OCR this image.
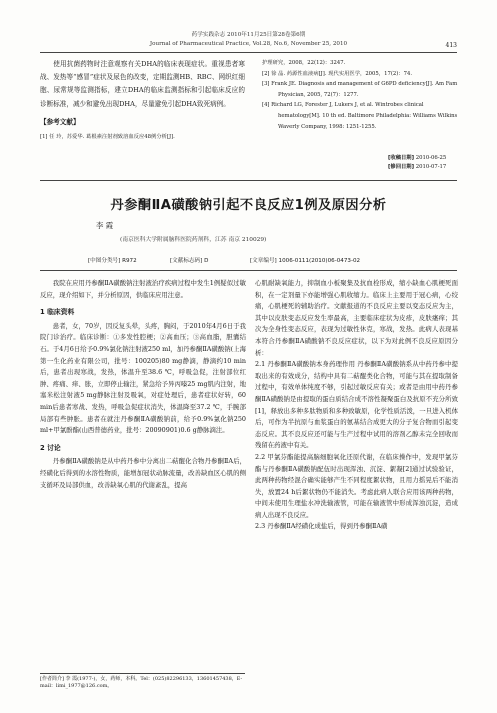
药学实践杂志 2010年11月25日第28卷第6期
Journal of Pharmaceutical Practice, Vol.28, No.6, November 25, 2010	413

使用抗菌药物时注意观察有关DHA的临床表现症状。重视患者寒战、发热等“感冒”症状及尿色的改变，定期监测HB、RBC、网织红细胞、尿常规等监测指标，建立DHA的临床监测指标和引起临床反应的诊断标准，减少和避免出现DHA，尽量避免引起DHA致死病例。

【参考文献】
[1] 任 玲，苏爱华. 葛根素注射剂致溶血反应48例分析[J].
护理研究，2008，22(12)：3247.
[2] 徐 晶. 药源性血液病[J]. 现代实用医学，2005，17(2)：74.
[3] Frank JE. Diagnosis and management of G6PD deficiency[J]. Am Fam Physician, 2005, 72(7)：1277.
[4] Richard LG, Forester J, Lukers J, et al. Wintrobes clinical hematology[M]. 10 th ed. Baltimore Philadelphia: Williams Wilkins Waverly Company, 1998: 1251-1255.
[收稿日期] 2010-06-25
[修回日期] 2010-07-17
丹参酮ⅡA磺酸钠引起不良反应1例及原因分析
李 霞
(南京医科大学附属脑科医院药剂科，江苏 南京 210029)
[中图分类号] R972	[文献标志码] D	[文章编号] 1006-0111(2010)06-0473-02

我院在应用丹参酮ⅡA磺酸钠注射液治疗疾病过程中发生1例疑似过敏反应，现介绍如下，并分析原因，供临床应用注意。

1 临床资料

患者，女，70岁，因反复头晕，头疼，胸闷，于2010年4月6日于我院门诊治疗。临床诊断：①多发性腔梗；②高血压；③高血脂，胆囊结石。于4月6日给予0.9%氯化钠注射液250 ml，加丹参酮ⅡA磺酸钠(上海第一生化药业有限公司，批号：100205)80 mg静滴，静滴约10 min后，患者出现寒战，发热，体温升至38.6 ℃，呼吸急促，注射部位红肿、疼痛、痒、胀，立即停止输注，紧急给予异丙嗪25 mg肌内注射，地塞米松注射液5 mg静脉注射及吸氧，对症处理后，患者症状好转，60 min后患者寒战、发热，呼吸急促症状消失，体温降至37.2 ℃，手腕部局部有些肿胀。患者在就注丹参酮ⅡA磺酸钠前，给予0.9%氯化钠250 ml+甲氯酚酯(山西普德药业，批号：20090901)0.6 g静脉滴注。

2 讨论

丹参酮ⅡA磺酸钠是从中药丹参中分离出二萜醌化合物丹参酮ⅡA后，经磺化后得到的水溶性物质，能增加冠状动脉流量，改善缺血区心肌的侧支循环及局部供血，改善缺氧心肌的代谢紊乱，提高

心肌耐缺氧能力，抑制血小板聚集及抗血栓形成，缩小缺血心肌梗死面积，在一定剂量下亦能增强心肌收缩力。临床上主要用于冠心病，心绞痛，心肌梗死的辅助治疗。文献报道的不良反应主要以变态反应为主，其中以皮肤变态反应发生率最高，主要临床症状为皮疹，皮肤瘙痒；其次为全身性变态反应，表现为过敏性休克，寒战，发热。此病人表现基本符合丹参酮ⅡA磺酸钠不良反应症状，以下为对此例不良反应原因分析：

2.1 丹参酮ⅡA磺酸钠本身药理作用 丹参酮ⅡA磺酸钠系从中药丹参中提取出来的有效成分，结构中具有二萜醌类化合物，可能与其在提取制备过程中，有效单体纯度不够，引起过敏反应有关；或者是由用中药丹参酮ⅡA磺酸钠是由提取的蛋白质结合成不溶性凝聚蛋白及抗原不充分所致[1]，释放出多种多肽物质和多种致敏原，化学性质活泼，一旦进入机体后，可作为半抗原与血浆蛋白的氨基结合成更大的分子复合物而引起变态反应。其不良反应还可能与生产过程中试用的溶剂乙醇未完全回收而残留在药液中有关。

2.2 甲氯芬酯能提高脑细胞氧化还原代谢，在临床操作中，发现甲氯芬酯与丹参酮ⅡA磺酸钠配伍时出现浑浊、沉淀、絮凝[2]通过试验验证，此两种药物经混合确实能够产生不同程度絮状物，且用力摇晃后不能消失，放置24 h后絮状物仍不能消失。考虑此病人联合应用该两种药物，中间未使用生理盐水冲洗输液管，可能在输液管中形成浑浊沉淀，造成病人出现不良反应。

2.3 丹参酮ⅡA经磺化成盐后，得到丹参酮ⅡA磺

[作者简介] 李 霞(1977-)，女，药师，本科。Tel：(025)82296133，13601457438，E-mail：limi_1977@126.com。
